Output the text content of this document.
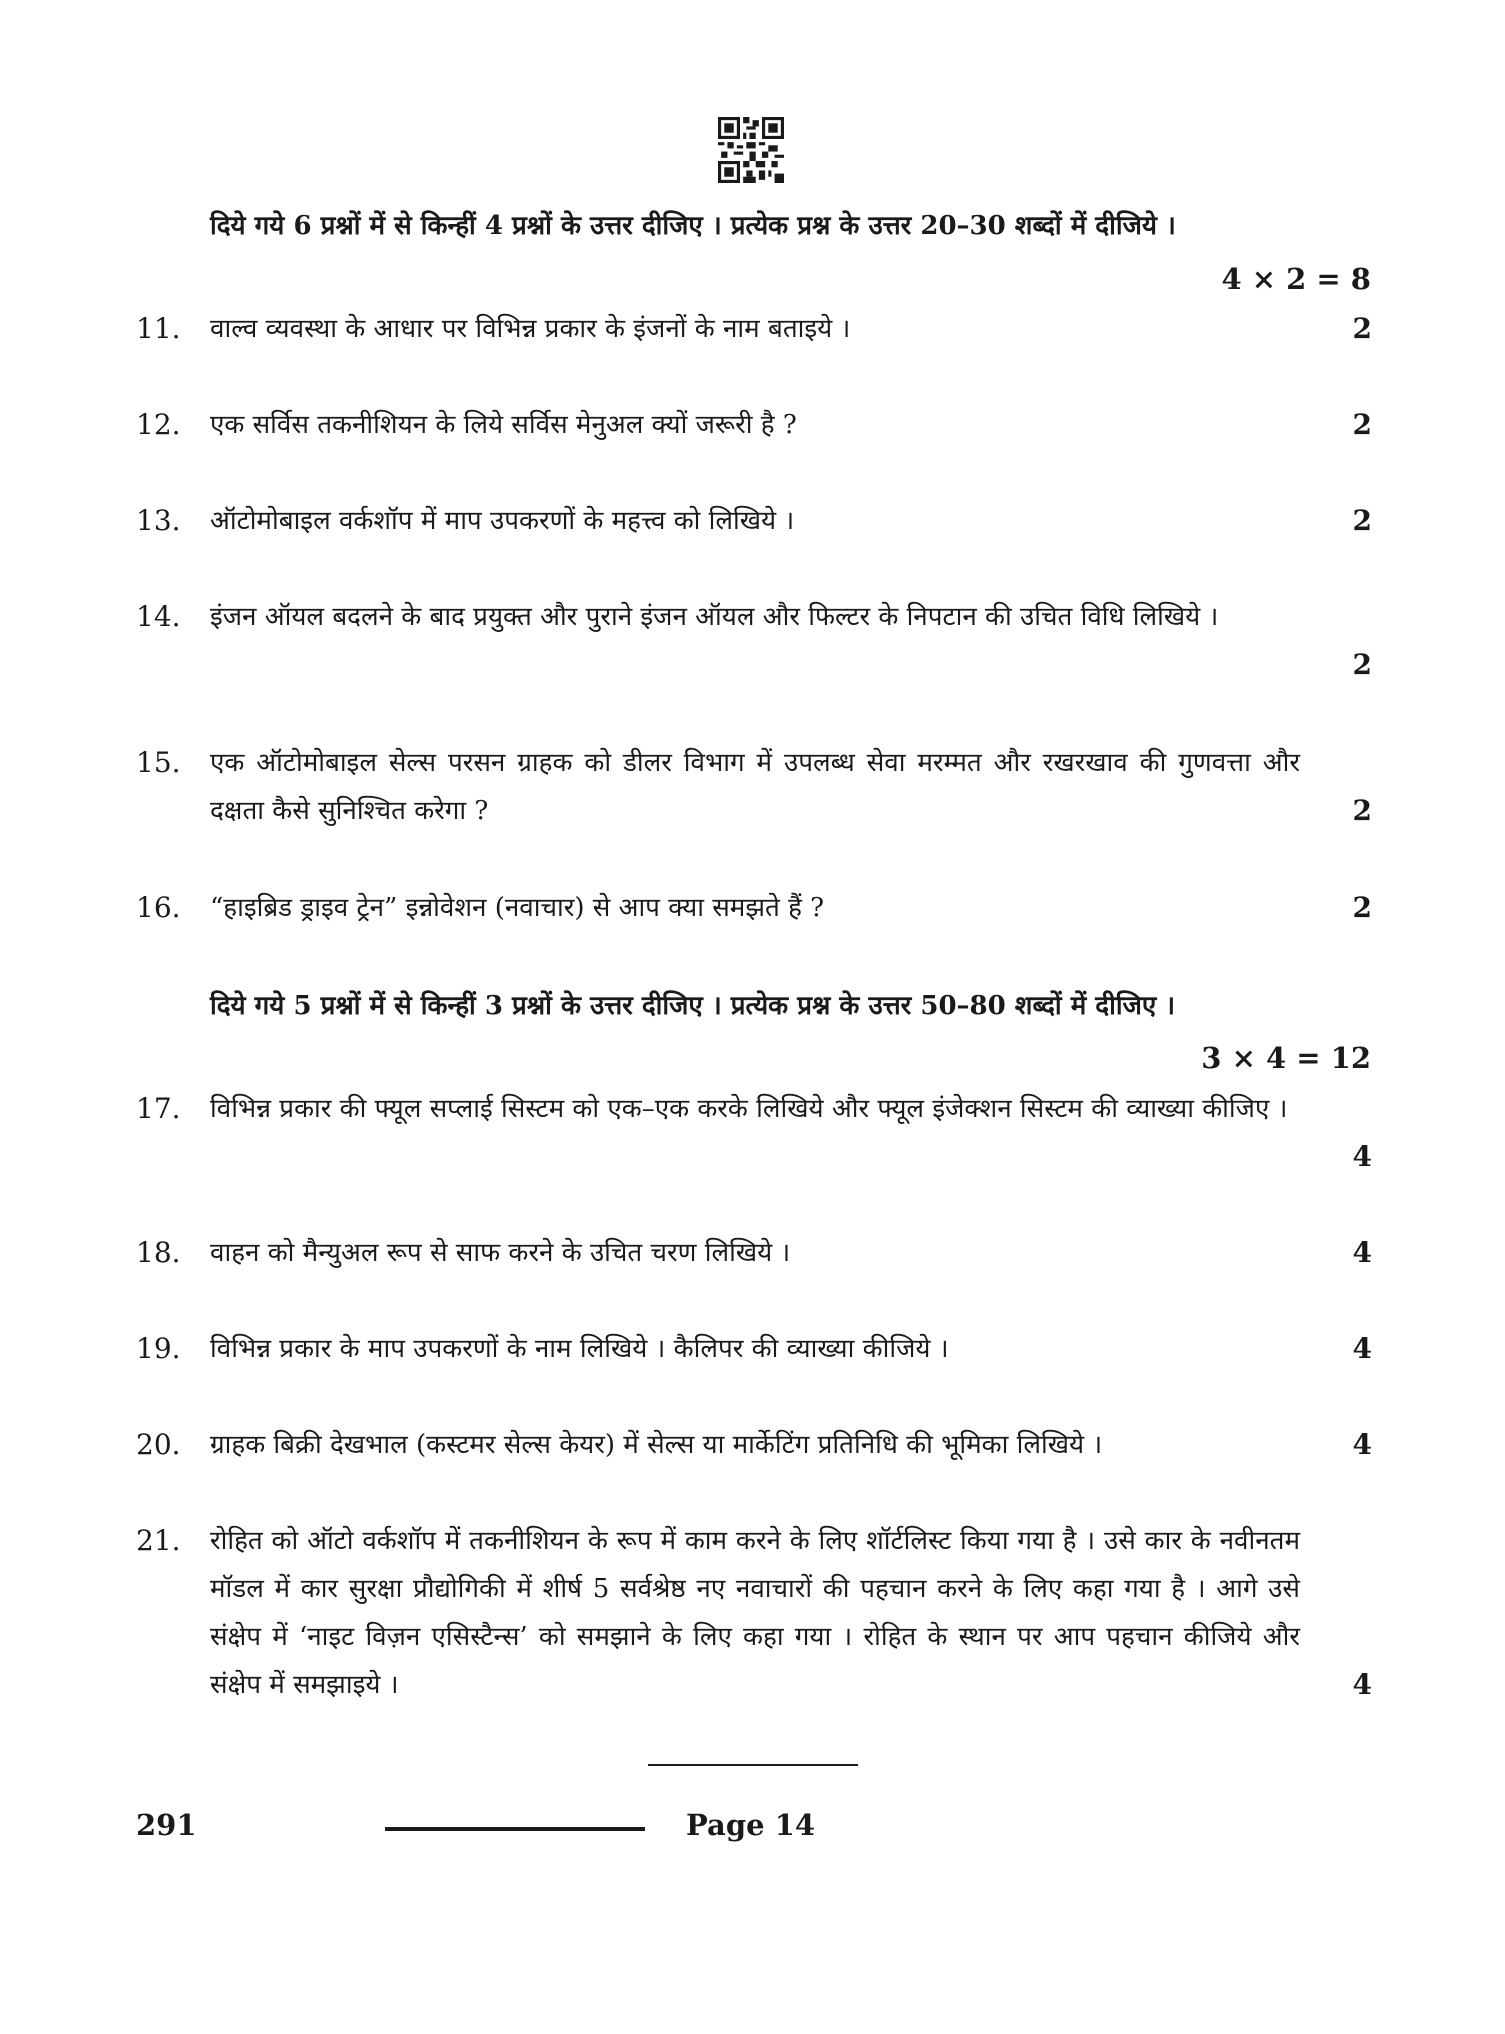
दिये गये 6 प्रश्नों में से किन्हीं 4 प्रश्नों के उत्तर दीजिए । प्रत्येक प्रश्न के उत्तर 20–30 शब्दों में दीजिये ।
4 × 2 = 8
11.	वाल्व व्यवस्था के आधार पर विभिन्न प्रकार के इंजनों के नाम बताइये ।	2
12.	एक सर्विस तकनीशियन के लिये सर्विस मेनुअल क्यों जरूरी है ?	2
13.	ऑटोमोबाइल वर्कशॉप में माप उपकरणों के महत्त्व को लिखिये ।	2
14.	इंजन ऑयल बदलने के बाद प्रयुक्त और पुराने इंजन ऑयल और फिल्टर के निपटान की उचित विधि लिखिये ।
2
15.	एक ऑटोमोबाइल सेल्स परसन ग्राहक को डीलर विभाग में उपलब्ध सेवा मरम्मत और रखरखाव की गुणवत्ता और दक्षता कैसे सुनिश्चित करेगा ?	2
16.	“हाइब्रिड ड्राइव ट्रेन” इन्नोवेशन (नवाचार) से आप क्या समझते हैं ?	2
दिये गये 5 प्रश्नों में से किन्हीं 3 प्रश्नों के उत्तर दीजिए । प्रत्येक प्रश्न के उत्तर 50–80 शब्दों में दीजिए ।
3 × 4 = 12
17.	विभिन्न प्रकार की फ्यूल सप्लाई सिस्टम को एक–एक करके लिखिये और फ्यूल इंजेक्शन सिस्टम की व्याख्या कीजिए ।
4
18.	वाहन को मैन्युअल रूप से साफ करने के उचित चरण लिखिये ।	4
19.	विभिन्न प्रकार के माप उपकरणों के नाम लिखिये । कैलिपर की व्याख्या कीजिये ।	4
20.	ग्राहक बिक्री देखभाल (कस्टमर सेल्स केयर) में सेल्स या मार्केटिंग प्रतिनिधि की भूमिका लिखिये ।	4
21.	रोहित को ऑटो वर्कशॉप में तकनीशियन के रूप में काम करने के लिए शॉर्टलिस्ट किया गया है । उसे कार के नवीनतम मॉडल में कार सुरक्षा प्रौद्योगिकी में शीर्ष 5 सर्वश्रेष्ठ नए नवाचारों की पहचान करने के लिए कहा गया है । आगे उसे संक्षेप में ‘नाइट विज़न एसिस्टैन्स’ को समझाने के लिए कहा गया । रोहित के स्थान पर आप पहचान कीजिये और संक्षेप में समझाइये ।	4
291	Page 14
